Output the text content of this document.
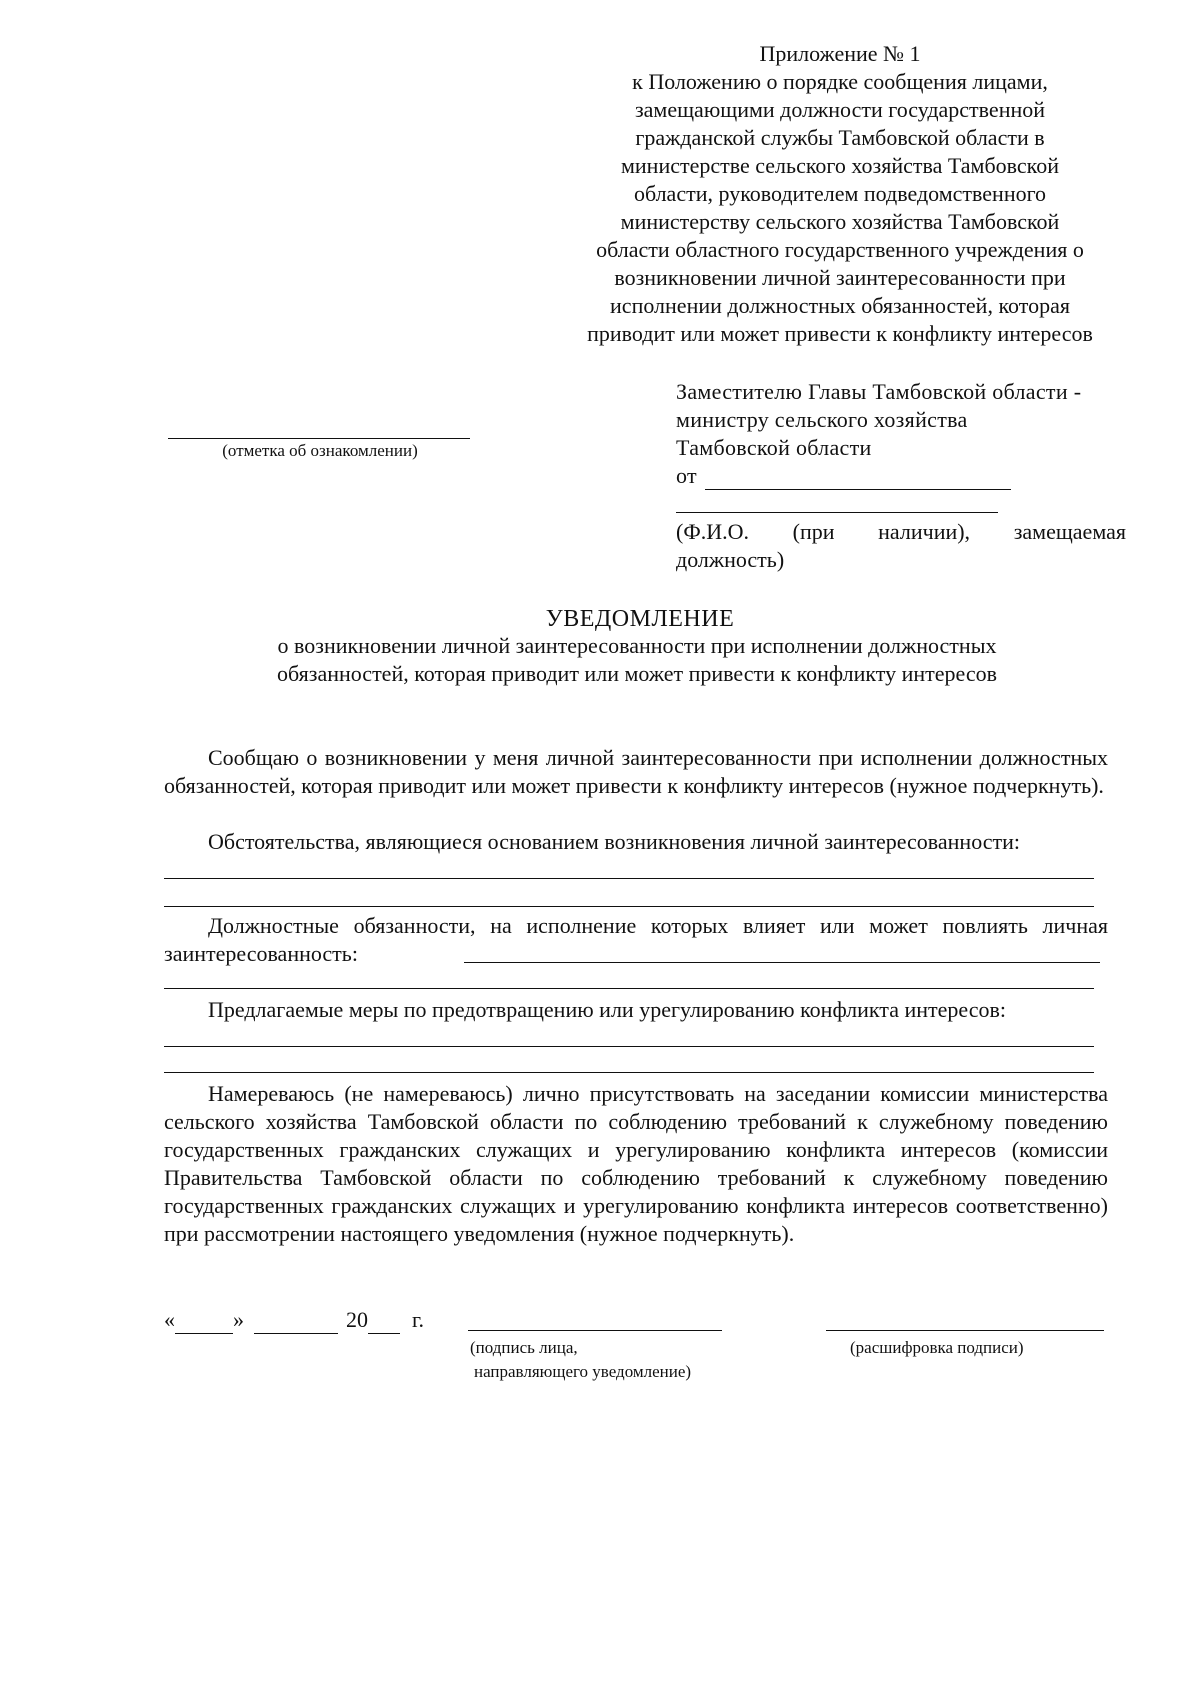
Приложение № 1
к Положению о порядке сообщения лицами,
замещающими должности государственной
гражданской службы Тамбовской области в
министерстве сельского хозяйства Тамбовской
области, руководителем подведомственного
министерству сельского хозяйства Тамбовской
области областного государственного учреждения о
возникновении личной заинтересованности при
исполнении должностных обязанностей, которая
приводит или может привести к конфликту интересов
(отметка об ознакомлении)
Заместителю Главы Тамбовской области -
министру сельского хозяйства
Тамбовской области
от
(Ф.И.О. (при наличии), замещаемая
должность)
УВЕДОМЛЕНИЕ
о возникновении личной заинтересованности при исполнении должностных
обязанностей, которая приводит или может привести к конфликту интересов
Сообщаю о возникновении у меня личной заинтересованности при исполнении должностных обязанностей, которая приводит или может привести к конфликту интересов (нужное подчеркнуть).
Обстоятельства, являющиеся основанием возникновения личной заинтересованности:
Должностные обязанности, на исполнение которых влияет или может повлиять личная заинтересованность:
Предлагаемые меры по предотвращению или урегулированию конфликта интересов:
Намереваюсь (не намереваюсь) лично присутствовать на заседании комиссии министерства сельского хозяйства Тамбовской области по соблюдению требований к служебному поведению государственных гражданских служащих и урегулированию конфликта интересов (комиссии Правительства Тамбовской области по соблюдению требований к служебному поведению государственных гражданских служащих и урегулированию конфликта интересов соответственно) при рассмотрении настоящего уведомления (нужное подчеркнуть).
«	»	20 г.
(подпись лица,
направляющего уведомление)
(расшифровка подписи)
